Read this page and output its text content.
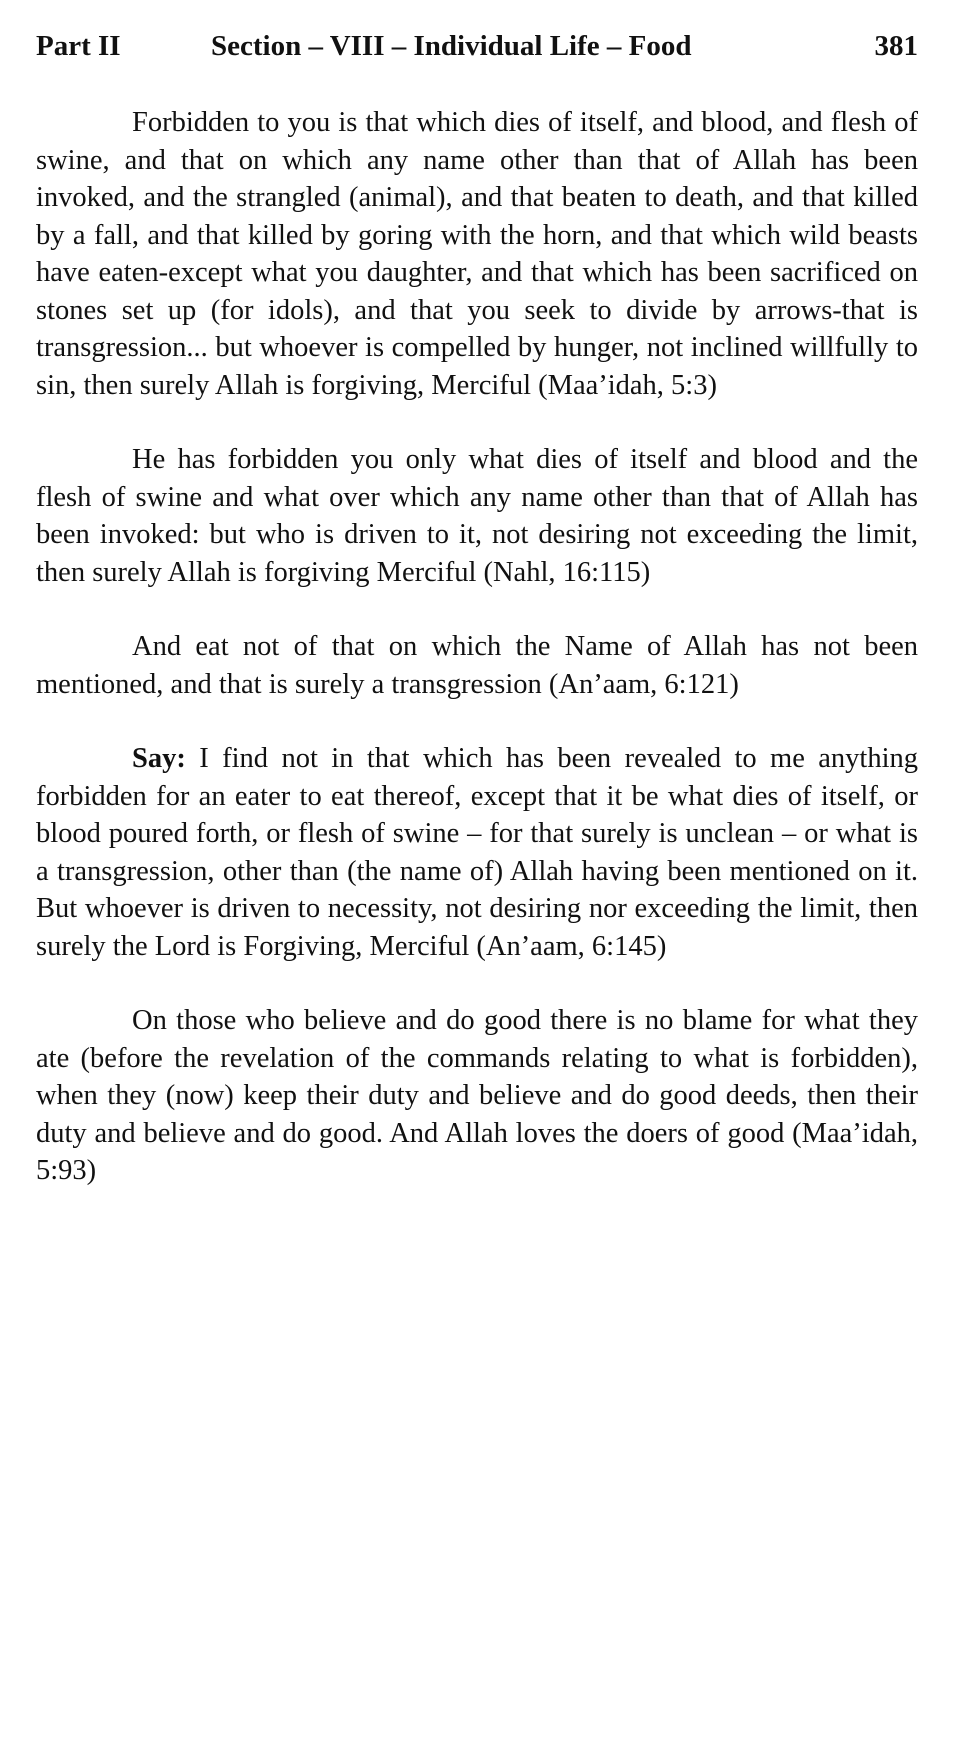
Part II	Section – VIII – Individual Life – Food	381

Forbidden to you is that which dies of itself, and blood, and flesh of swine, and that on which any name other than that of Allah has been invoked, and the strangled (animal), and that beaten to death, and that killed by a fall, and that killed by goring with the horn, and that which wild beasts have eaten-except what you daughter, and that which has been sacrificed on stones set up (for idols), and that you seek to divide by arrows-that is transgression... but whoever is compelled by hunger, not inclined willfully to sin, then surely Allah is forgiving, Merciful (Maa’idah, 5:3)

He has forbidden you only what dies of itself and blood and the flesh of swine and what over which any name other than that of Allah has been invoked: but who is driven to it, not desiring not exceeding the limit, then surely Allah is forgiving Merciful (Nahl, 16:115)

And eat not of that on which the Name of Allah has not been mentioned, and that is surely a transgression (An’aam, 6:121)

Say: I find not in that which has been revealed to me anything forbidden for an eater to eat thereof, except that it be what dies of itself, or blood poured forth, or flesh of swine – for that surely is unclean – or what is a transgression, other than (the name of) Allah having been mentioned on it. But whoever is driven to necessity, not desiring nor exceeding the limit, then surely the Lord is Forgiving, Merciful (An’aam, 6:145)

On those who believe and do good there is no blame for what they ate (before the revelation of the commands relating to what is forbidden), when they (now) keep their duty and believe and do good deeds, then their duty and believe and do good. And Allah loves the doers of good (Maa’idah, 5:93)
